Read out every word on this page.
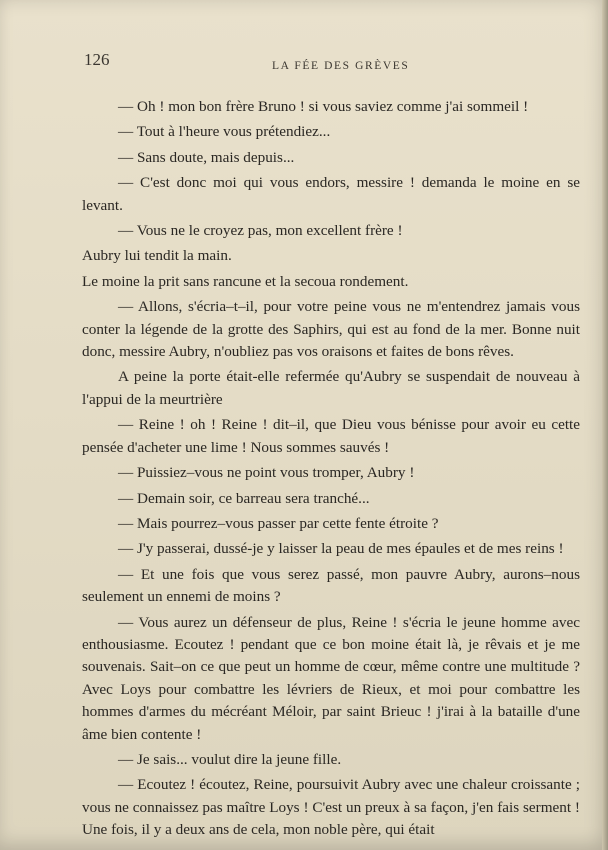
126	LA FÉE DES GRÈVES

— Oh ! mon bon frère Bruno ! si vous saviez comme j'ai sommeil !

— Tout à l'heure vous prétendiez...

— Sans doute, mais depuis...

— C'est donc moi qui vous endors, messire ! demanda le moine en se levant.

— Vous ne le croyez pas, mon excellent frère !

Aubry lui tendit la main.

Le moine la prit sans rancune et la secoua rondement.

— Allons, s'écria–t–il, pour votre peine vous ne m'entendrez jamais vous conter la légende de la grotte des Saphirs, qui est au fond de la mer. Bonne nuit donc, messire Aubry, n'oubliez pas vos oraisons et faites de bons rêves.

A peine la porte était-elle refermée qu'Aubry se suspendait de nouveau à l'appui de la meurtrière

— Reine ! oh ! Reine ! dit–il, que Dieu vous bénisse pour avoir eu cette pensée d'acheter une lime ! Nous sommes sauvés !

— Puissiez–vous ne point vous tromper, Aubry !

— Demain soir, ce barreau sera tranché...

— Mais pourrez–vous passer par cette fente étroite ?

— J'y passerai, dussé-je y laisser la peau de mes épaules et de mes reins !

— Et une fois que vous serez passé, mon pauvre Aubry, aurons–nous seulement un ennemi de moins ?

— Vous aurez un défenseur de plus, Reine ! s'écria le jeune homme avec enthousiasme. Ecoutez ! pendant que ce bon moine était là, je rêvais et je me souvenais. Sait–on ce que peut un homme de cœur, même contre une multitude ? Avec Loys pour combattre les lévriers de Rieux, et moi pour combattre les hommes d'armes du mécréant Méloir, par saint Brieuc ! j'irai à la bataille d'une âme bien contente !

— Je sais... voulut dire la jeune fille.

— Ecoutez ! écoutez, Reine, poursuivit Aubry avec une chaleur croissante ; vous ne connaissez pas maître Loys ! C'est un preux à sa façon, j'en fais serment ! Une fois, il y a deux ans de cela, mon noble père, qui était
